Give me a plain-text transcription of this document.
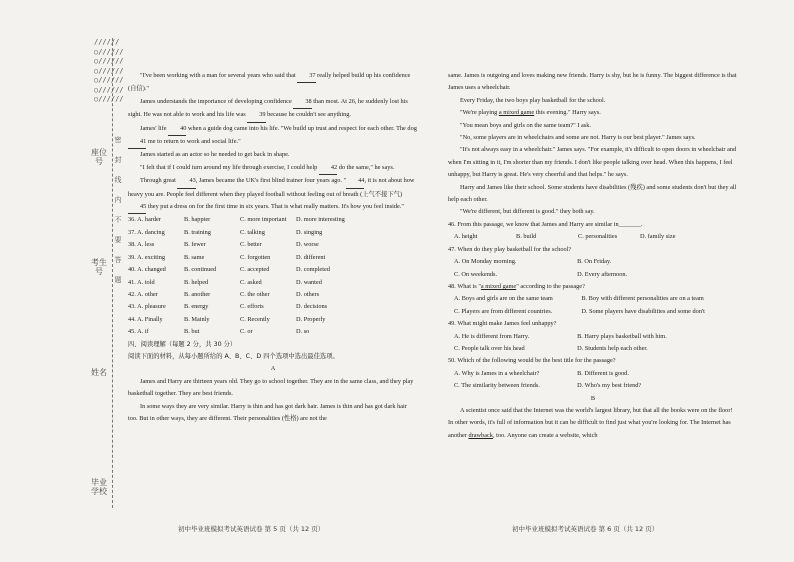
//////○//////○//////○//////○//////○//////○//////
毕业学校
姓名
考生号
座位号
密
封
线
内
不
要
答
题

"I've been working with a man for several years who said that 37 really helped build up his confidence (自信)."

James understands the importance of developing confidence 38 than most. At 26, he suddenly lost his sight. He was not able to work and his life was 39 because he couldn't see anything.

James' life 40 when a guide dog came into his life. "We build up trust and respect for each other. The dog 41 me to return to work and social life."

James started as an actor so he needed to get back in shape.

"I felt that if I could turn around my life through exercise, I could help 42 do the same," he says.

Through great 43, James became the UK's first blind trainer four years ago. " 44, it is not about how heavy you are. People feel different when they played football without feeling out of breath (上气不接下气) 45 they put a dress on for the first time in six years. That is what really matters. It's how you feel inside."

36. A. harder	B. happier	C. more important	D. more interesting
37. A. dancing	B. training	C. talking	D. singing
38. A. less	B. fewer	C. better	D. worse
39. A. exciting	B. same	C. forgotten	D. different
40. A. changed	B. continued	C. accepted	D. completed
41. A. told	B. helped	C. asked	D. wanted
42. A. other	B. another	C. the other	D. others
43. A. pleasure	B. energy	C. efforts	D. decisions
44. A. Finally	B. Mainly	C. Recently	D. Properly
45. A. if	B. but	C. or	D. so

四、阅读理解（每题 2 分，共 30 分）

阅读下面的材料，从每小题所给的 A、B、C、D 四个选项中选出最佳选项。

A

James and Harry are thirteen years old. They go to school together. They are in the same class, and they play basketball together. They are best friends.

In some ways they are very similar. Harry is thin and has got dark hair. James is thin and has got dark hair too. But in other ways, they are different. Their personalities (性格) are not the

same. James is outgoing and loves making new friends. Harry is shy, but he is funny. The biggest difference is that James uses a wheelchair.

Every Friday, the two boys play basketball for the school.

"We're playing a mixed game this evening." Harry says.

"You mean boys and girls on the same team?" I ask.

"No, some players are in wheelchairs and some are not. Harry is our best player." James says.

"It's not always easy in a wheelchair." James says. "For example, it's difficult to open doors in wheelchair and when I'm sitting in it, I'm shorter than my friends. I don't like people talking over head. When this happens, I feel unhappy, but Harry is great. He's very cheerful and that helps." he says.

Harry and James like their school. Some students have disabilities (残疾) and some students don't but they all help each other.

"We're different, but different is good." they both say.

46. From this passage, we know that James and Harry are similar in_______.

A. height	B. build	C. personalities	D. family size

47. When do they play basketball for the school?

A. On Monday morning.	B. On Friday.
C. On weekends.	D. Every afternoon.

48. What is "a mixed game" according to the passage?

A. Boys and girls are on the same team	B. Boy with different personalities are on a team
C. Players are from different countries.	D. Some players have disabilities and some don't

49. What might make James feel unhappy?

A. He is different from Harry.	B. Harry plays basketball with him.
C. People talk over his head	D. Students help each other.

50. Which of the following would be the best title for the passage?

A. Why is James in a wheelchair?	B. Different is good.
C. The similarity between friends.	D. Who's my best friend?

B

A scientist once said that the Internet was the world's largest library, but that all the books were on the floor! In other words, it's full of information but it can be difficult to find just what you're looking for. The Internet has another drawback, too. Anyone can create a website, which

初中毕业班模拟考试英语试卷 第 5 页（共 12 页）	初中毕业班模拟考试英语试卷 第 6 页（共 12 页）
